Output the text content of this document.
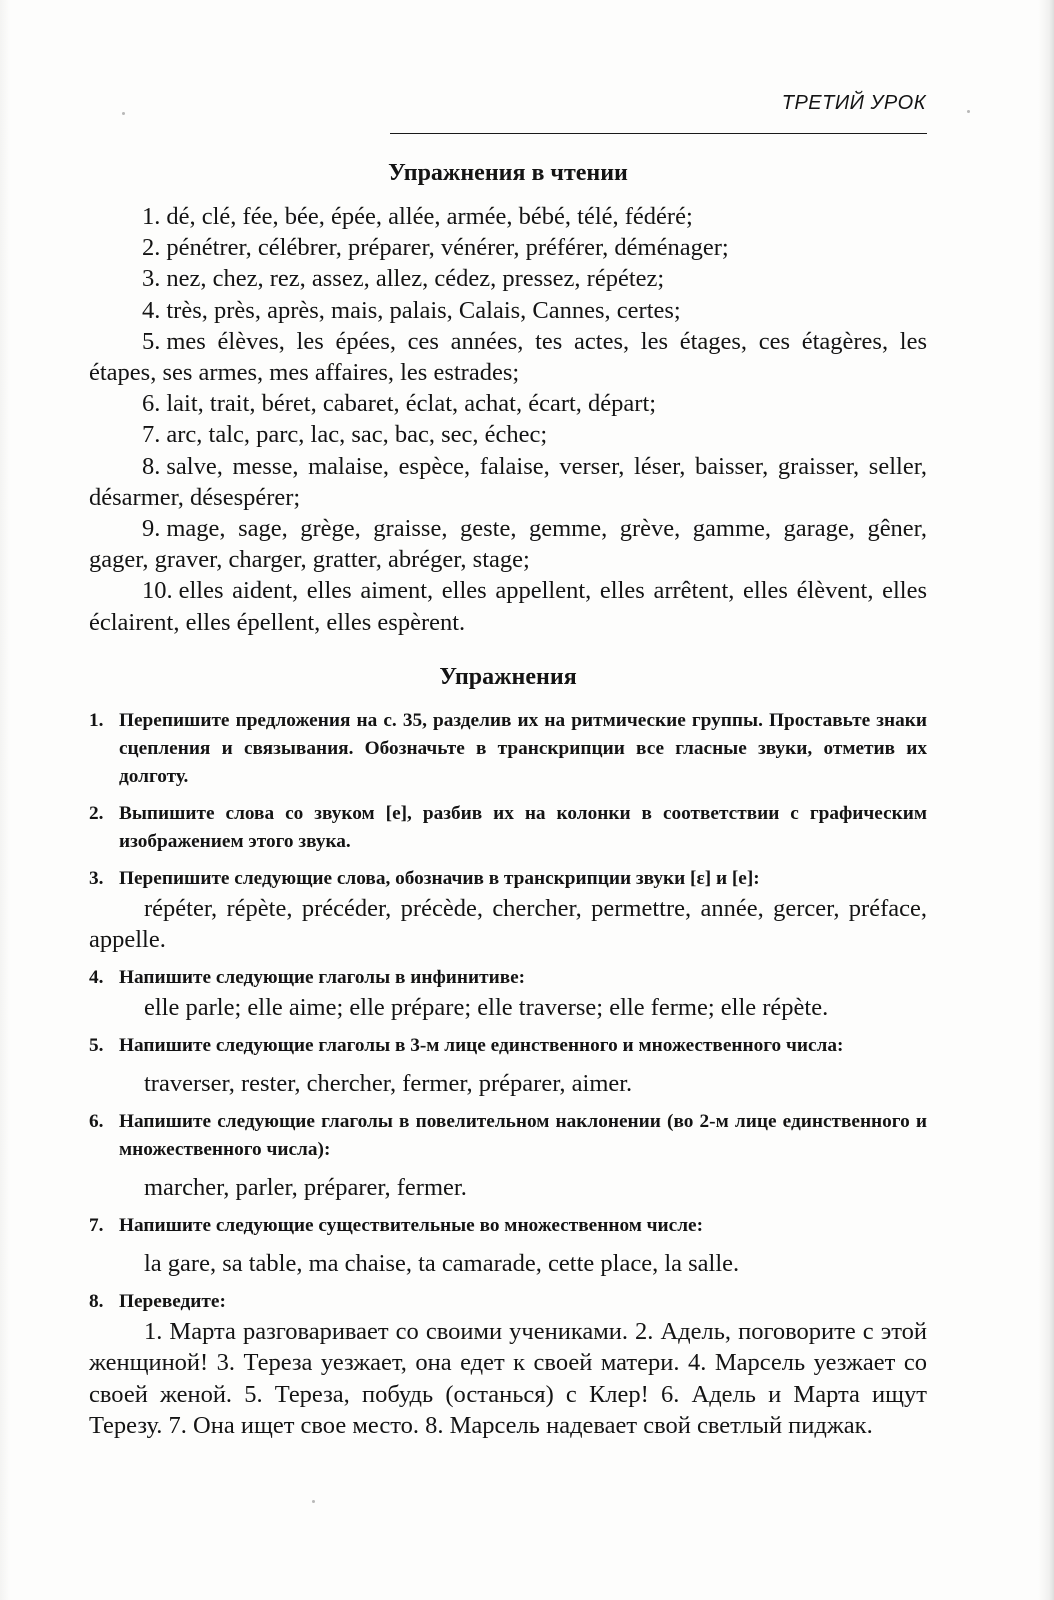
ТРЕТИЙ УРОК
Упражнения в чтении
1. dé, clé, fée, bée, épée, allée, armée, bébé, télé, fédéré;
2. pénétrer, célébrer, préparer, vénérer, préférer, déménager;
3. nez, chez, rez, assez, allez, cédez, pressez, répétez;
4. très, près, après, mais, palais, Calais, Cannes, certes;
5. mes élèves, les épées, ces années, tes actes, les étages, ces étagères, les étapes, ses armes, mes affaires, les estrades;
6. lait, trait, béret, cabaret, éclat, achat, écart, départ;
7. arc, talc, parc, lac, sac, bac, sec, échec;
8. salve, messe, malaise, espèce, falaise, verser, léser, baisser, graisser, seller, désarmer, désespérer;
9. mage, sage, grège, graisse, geste, gemme, grève, gamme, garage, gêner, gager, graver, charger, gratter, abréger, stage;
10. elles aident, elles aiment, elles appellent, elles arrêtent, elles élèvent, elles éclairent, elles épellent, elles espèrent.
Упражнения
1. Перепишите предложения на с. 35, разделив их на ритмические группы. Проставьте знаки сцепления и связывания. Обозначьте в транскрипции все гласные звуки, отметив их долготу.
2. Выпишите слова со звуком [e], разбив их на колонки в соответствии с графическим изображением этого звука.
3. Перепишите следующие слова, обозначив в транскрипции звуки [ε] и [e]:
répéter, répète, précéder, précède, chercher, permettre, année, gercer, préface, appelle.
4. Напишите следующие глаголы в инфинитиве:
elle parle; elle aime; elle prépare; elle traverse; elle ferme; elle répète.
5. Напишите следующие глаголы в 3-м лице единственного и множественного числа:
traverser, rester, chercher, fermer, préparer, aimer.
6. Напишите следующие глаголы в повелительном наклонении (во 2-м лице единственного и множественного числа):
marcher, parler, préparer, fermer.
7. Напишите следующие существительные во множественном числе:
la gare, sa table, ma chaise, ta camarade, cette place, la salle.
8. Переведите:
1. Марта разговаривает со своими учениками. 2. Адель, поговорите с этой женщиной! 3. Тереза уезжает, она едет к своей матери. 4. Марсель уезжает со своей женой. 5. Тереза, побудь (останься) с Клер! 6. Адель и Марта ищут Терезу. 7. Она ищет свое место. 8. Марсель надевает свой светлый пиджак.
